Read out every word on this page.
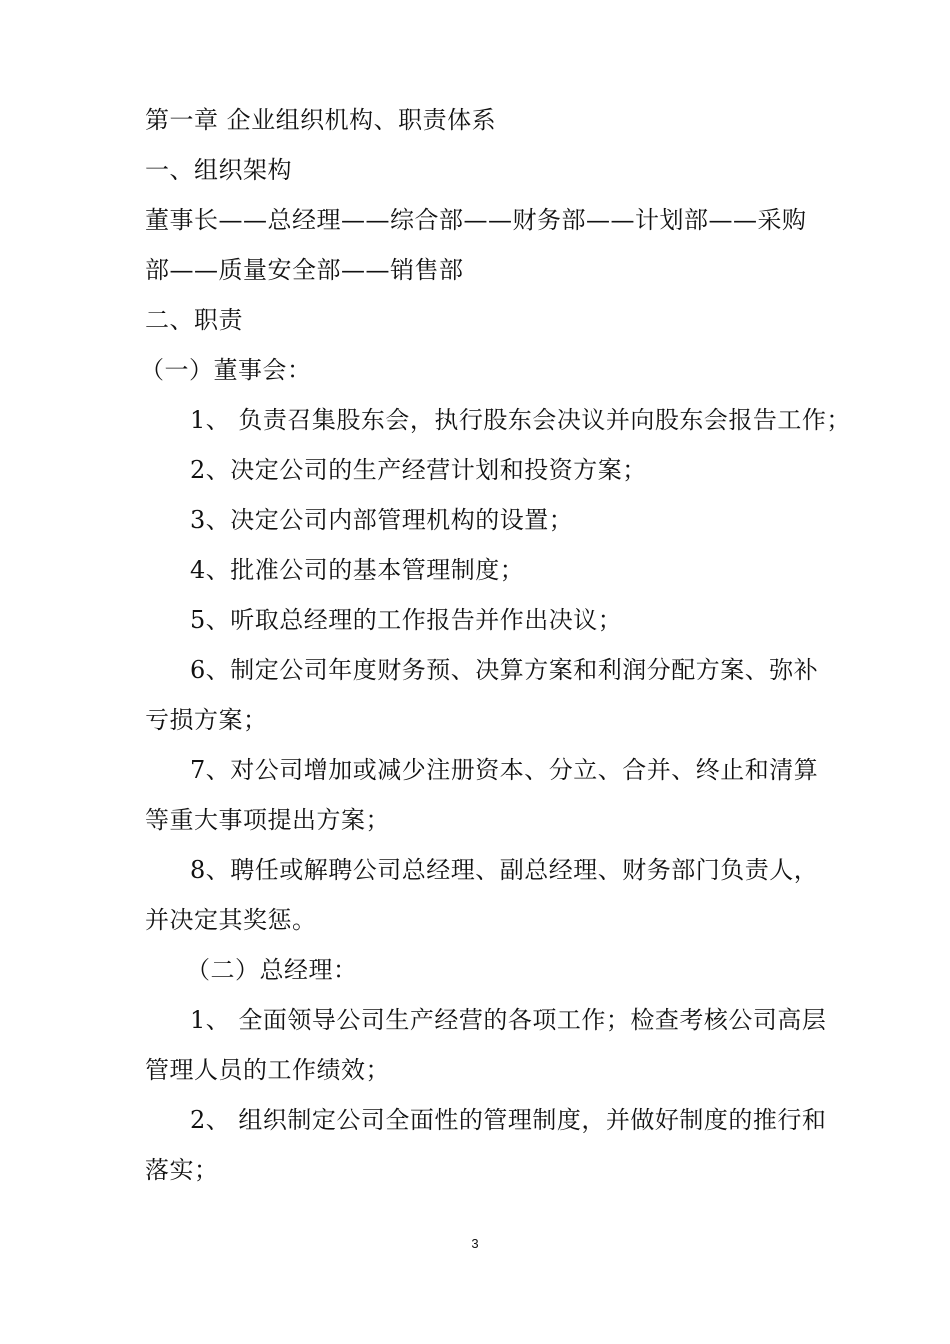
第一章 企业组织机构、职责体系
一、组织架构
董事长——总经理——综合部——财务部——计划部——采购
部——质量安全部——销售部
二、职责
（一）董事会：
1、 负责召集股东会，执行股东会决议并向股东会报告工作；
2、决定公司的生产经营计划和投资方案；
3、决定公司内部管理机构的设置；
4、批准公司的基本管理制度；
5、听取总经理的工作报告并作出决议；
6、制定公司年度财务预、决算方案和利润分配方案、弥补
亏损方案；
7、对公司增加或减少注册资本、分立、合并、终止和清算
等重大事项提出方案；
8、聘任或解聘公司总经理、副总经理、财务部门负责人，
并决定其奖惩。
（二）总经理：
1、 全面领导公司生产经营的各项工作；检查考核公司高层
管理人员的工作绩效；
2、 组织制定公司全面性的管理制度，并做好制度的推行和
落实；
3
